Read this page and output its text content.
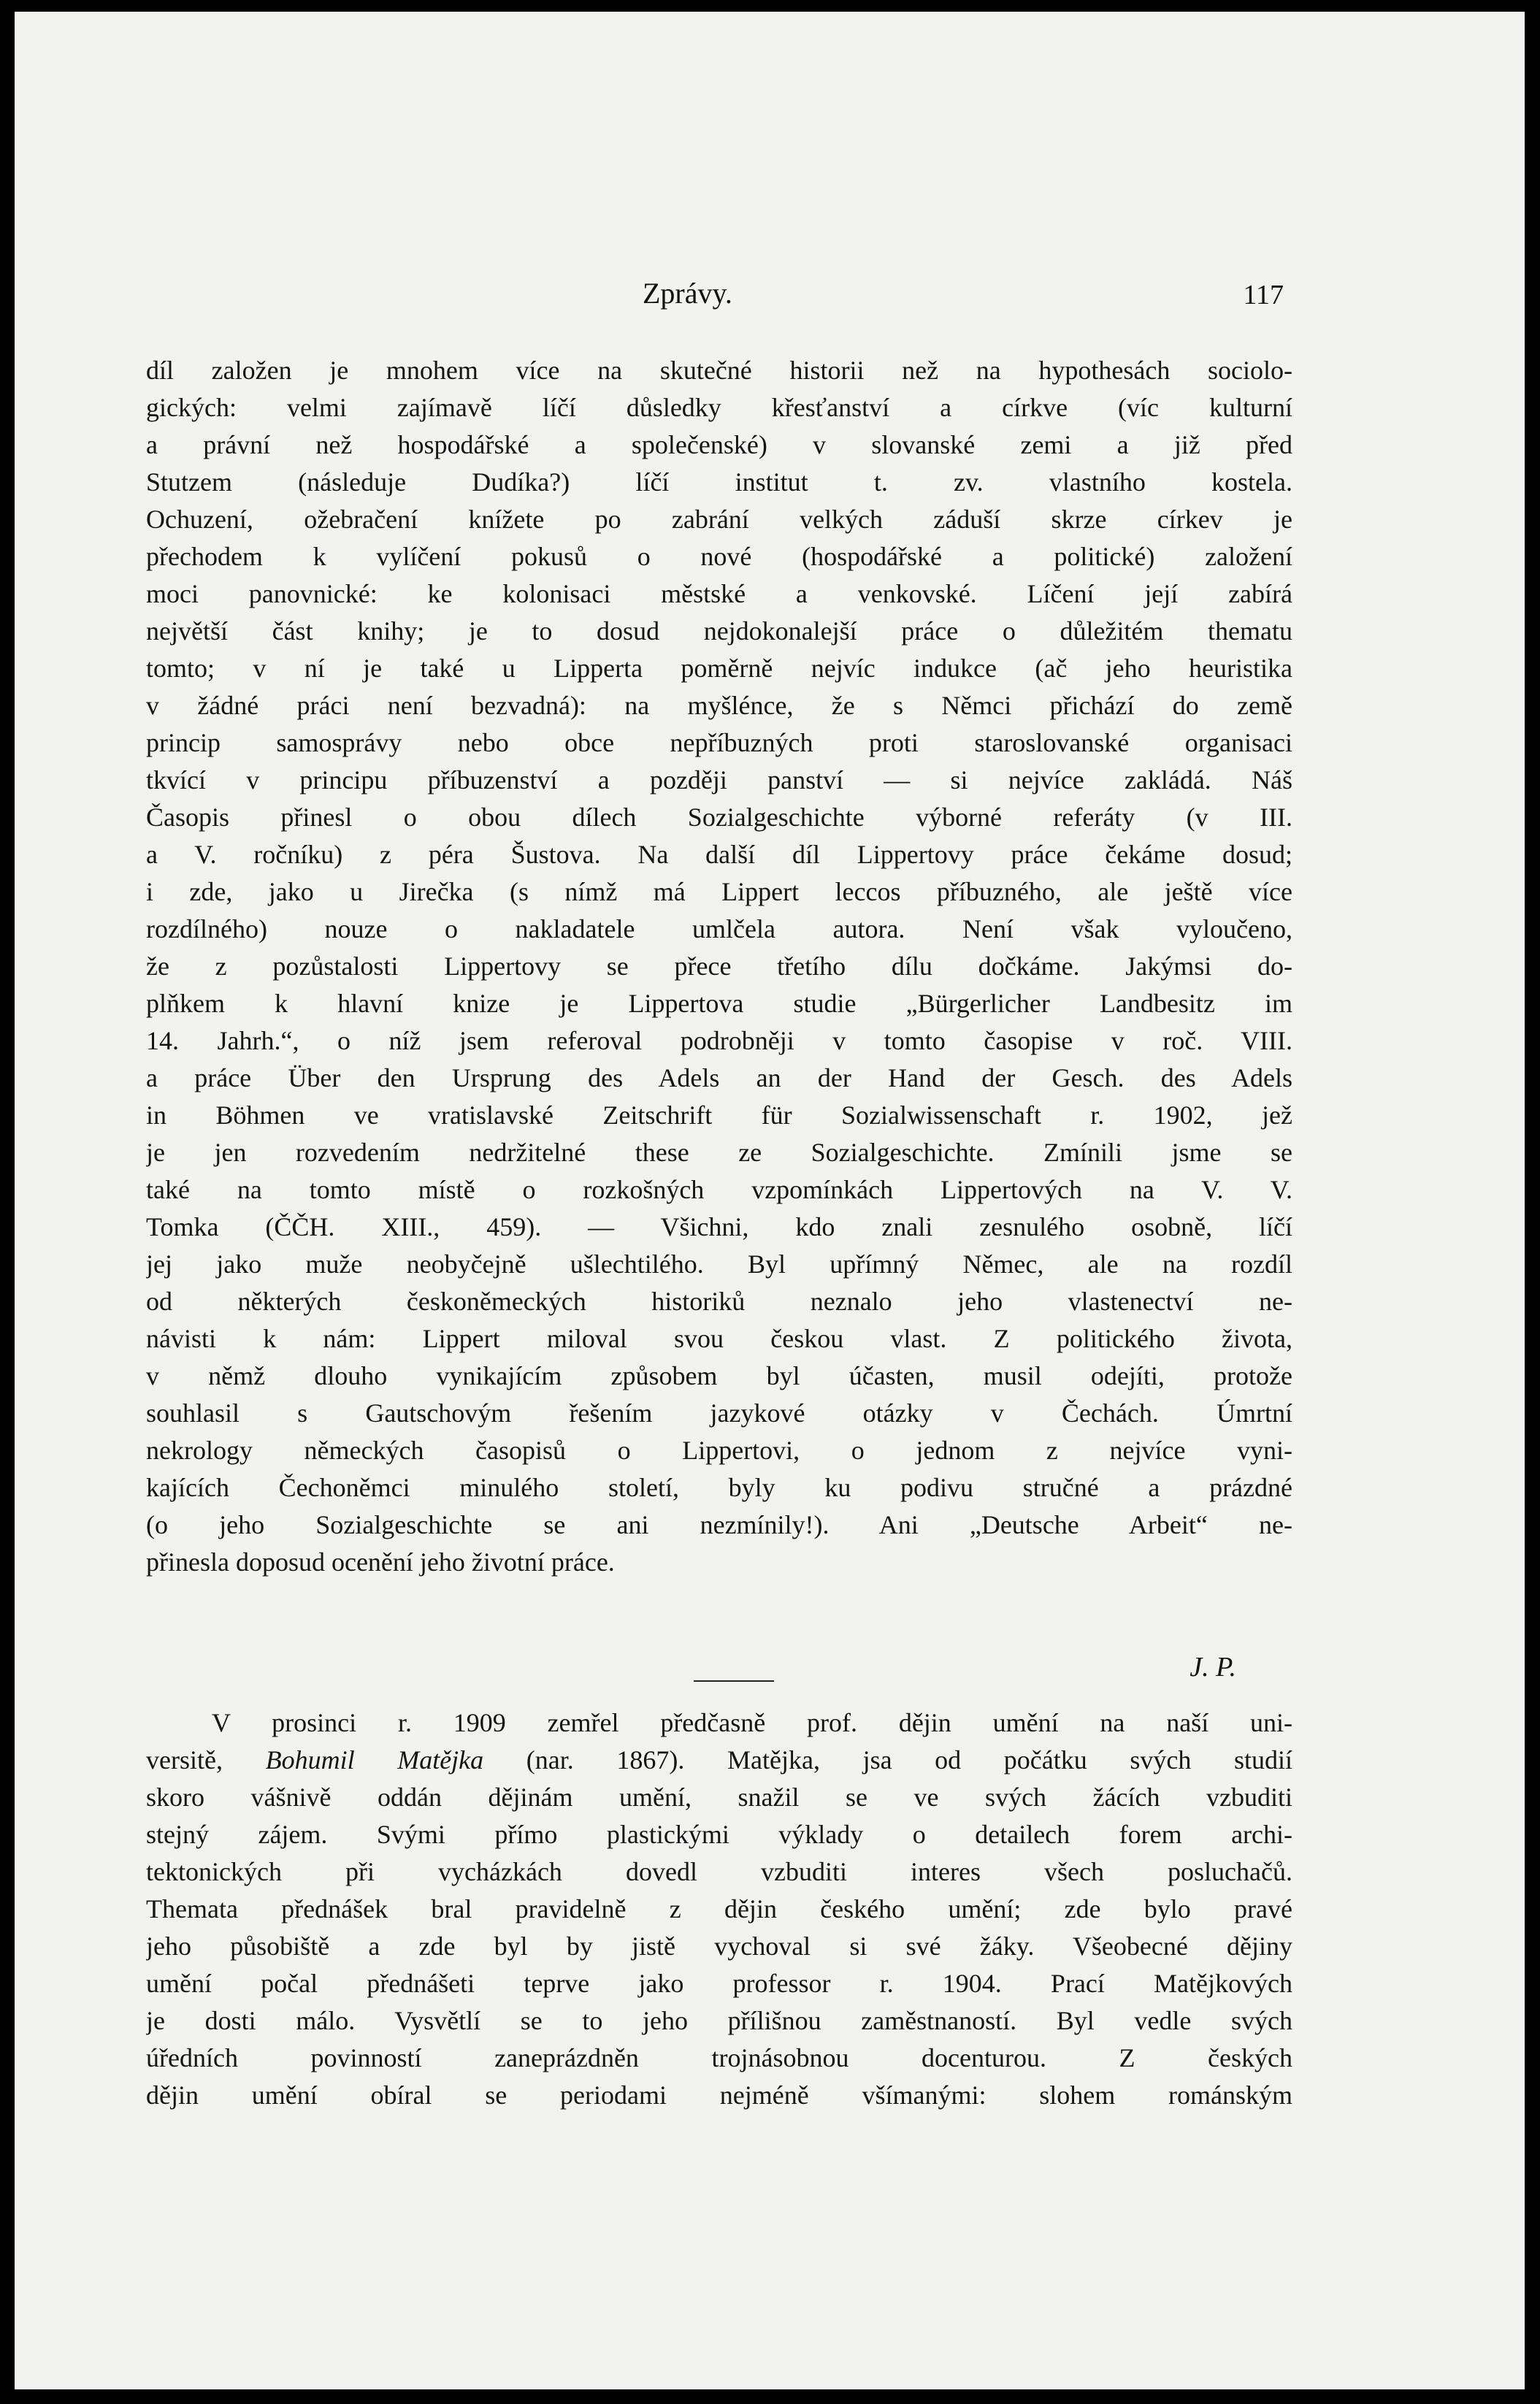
Zprávy.	117
díl založen je mnohem více na skutečné historii než na hypothesách sociolo-
gických: velmi zajímavě líčí důsledky křesťanství a církve (víc kulturní
a právní než hospodářské a společenské) v slovanské zemi a již před
Stutzem (následuje Dudíka?) líčí institut t. zv. vlastního kostela.
Ochuzení, ožebračení knížete po zabrání velkých záduší skrze církev je
přechodem k vylíčení pokusů o nové (hospodářské a politické) založení
moci panovnické: ke kolonisaci městské a venkovské. Líčení její zabírá
největší část knihy; je to dosud nejdokonalejší práce o důležitém thematu
tomto; v ní je také u Lipperta poměrně nejvíc indukce (ač jeho heuristika
v žádné práci není bezvadná): na myšlénce, že s Němci přichází do země
princip samosprávy nebo obce nepříbuzných proti staroslovanské organisaci
tkvící v principu příbuzenství a později panství — si nejvíce zakládá. Náš
Časopis přinesl o obou dílech Sozialgeschichte výborné referáty (v III.
a V. ročníku) z péra Šustova. Na další díl Lippertovy práce čekáme dosud;
i zde, jako u Jirečka (s nímž má Lippert leccos příbuzného, ale ještě více
rozdílného) nouze o nakladatele umlčela autora. Není však vyloučeno,
že z pozůstalosti Lippertovy se přece třetího dílu dočkáme. Jakýmsi do-
plňkem k hlavní knize je Lippertova studie „Bürgerlicher Landbesitz im
14. Jahrh.“, o níž jsem referoval podrobněji v tomto časopise v roč. VIII.
a práce Über den Ursprung des Adels an der Hand der Gesch. des Adels
in Böhmen ve vratislavské Zeitschrift für Sozialwissenschaft r. 1902, jež
je jen rozvedením nedržitelné these ze Sozialgeschichte. Zmínili jsme se
také na tomto místě o rozkošných vzpomínkách Lippertových na V. V.
Tomka (ČČH. XIII., 459). — Všichni, kdo znali zesnulého osobně, líčí
jej jako muže neobyčejně ušlechtilého. Byl upřímný Němec, ale na rozdíl
od některých českoněmeckých historiků neznalo jeho vlastenectví ne-
návisti k nám: Lippert miloval svou českou vlast. Z politického života,
v němž dlouho vynikajícím způsobem byl účasten, musil odejíti, protože
souhlasil s Gautschovým řešením jazykové otázky v Čechách. Úmrtní
nekrology německých časopisů o Lippertovi, o jednom z nejvíce vyni-
kajících Čechoněmci minulého století, byly ku podivu stručné a prázdné
(o jeho Sozialgeschichte se ani nezmínily!). Ani „Deutsche Arbeit“ ne-
přinesla doposud ocenění jeho životní práce.
J. P.
V prosinci r. 1909 zemřel předčasně prof. dějin umění na naší uni-
versitě, Bohumil Matějka (nar. 1867). Matějka, jsa od počátku svých studií
skoro vášnivě oddán dějinám umění, snažil se ve svých žácích vzbuditi
stejný zájem. Svými přímo plastickými výklady o detailech forem archi-
tektonických při vycházkách dovedl vzbuditi interes všech posluchačů.
Themata přednášek bral pravidelně z dějin českého umění; zde bylo pravé
jeho působiště a zde byl by jistě vychoval si své žáky. Všeobecné dějiny
umění počal přednášeti teprve jako professor r. 1904. Prací Matějkových
je dosti málo. Vysvětlí se to jeho přílišnou zaměstnaností. Byl vedle svých
úředních povinností zaneprázdněn trojnásobnou docenturou. Z českých
dějin umění obíral se periodami nejméně všímanými: slohem románským
